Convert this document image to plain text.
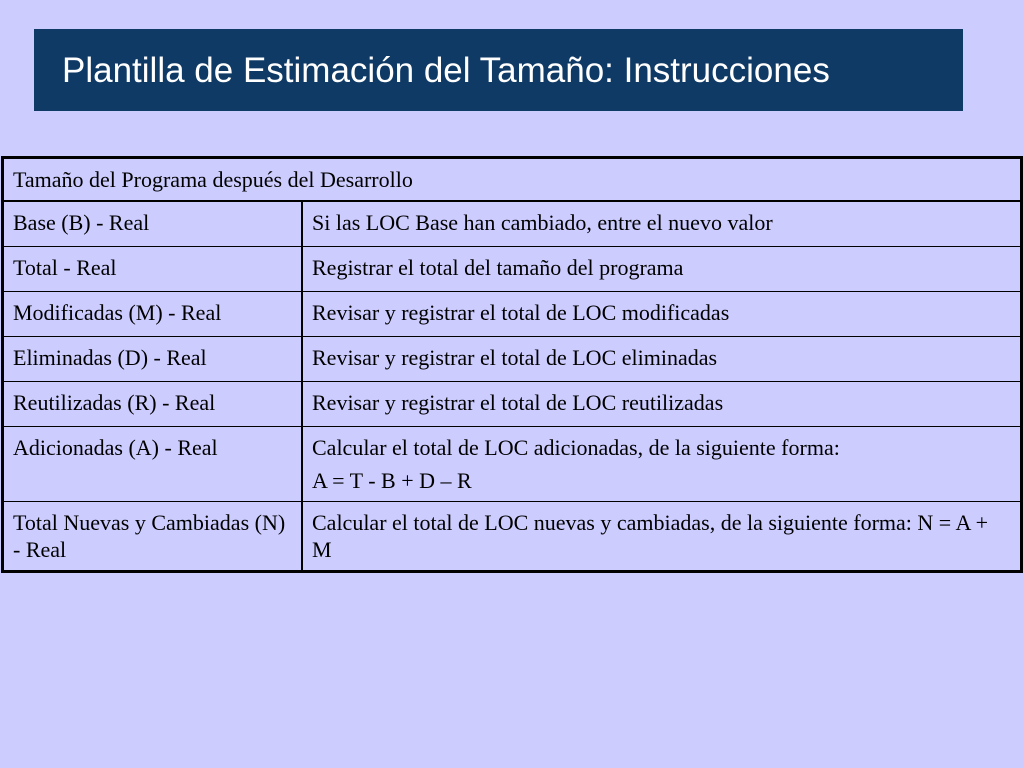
Plantilla de Estimación del Tamaño: Instrucciones
Tamaño del Programa después del Desarrollo	
Base (B) - Real	Si las LOC Base han cambiado, entre el nuevo valor
Total - Real	Registrar el total del tamaño del programa
Modificadas (M) - Real	Revisar y registrar el total de LOC modificadas
Eliminadas (D) - Real	Revisar y registrar el total de LOC eliminadas
Reutilizadas (R) - Real	Revisar y registrar el total de LOC reutilizadas
Adicionadas (A) - Real	Calcular el total de LOC adicionadas, de la siguiente forma:
A = T - B + D – R

Total Nuevas y Cambiadas (N) - Real	Calcular el total de LOC nuevas y cambiadas, de la siguiente forma: N = A + M
